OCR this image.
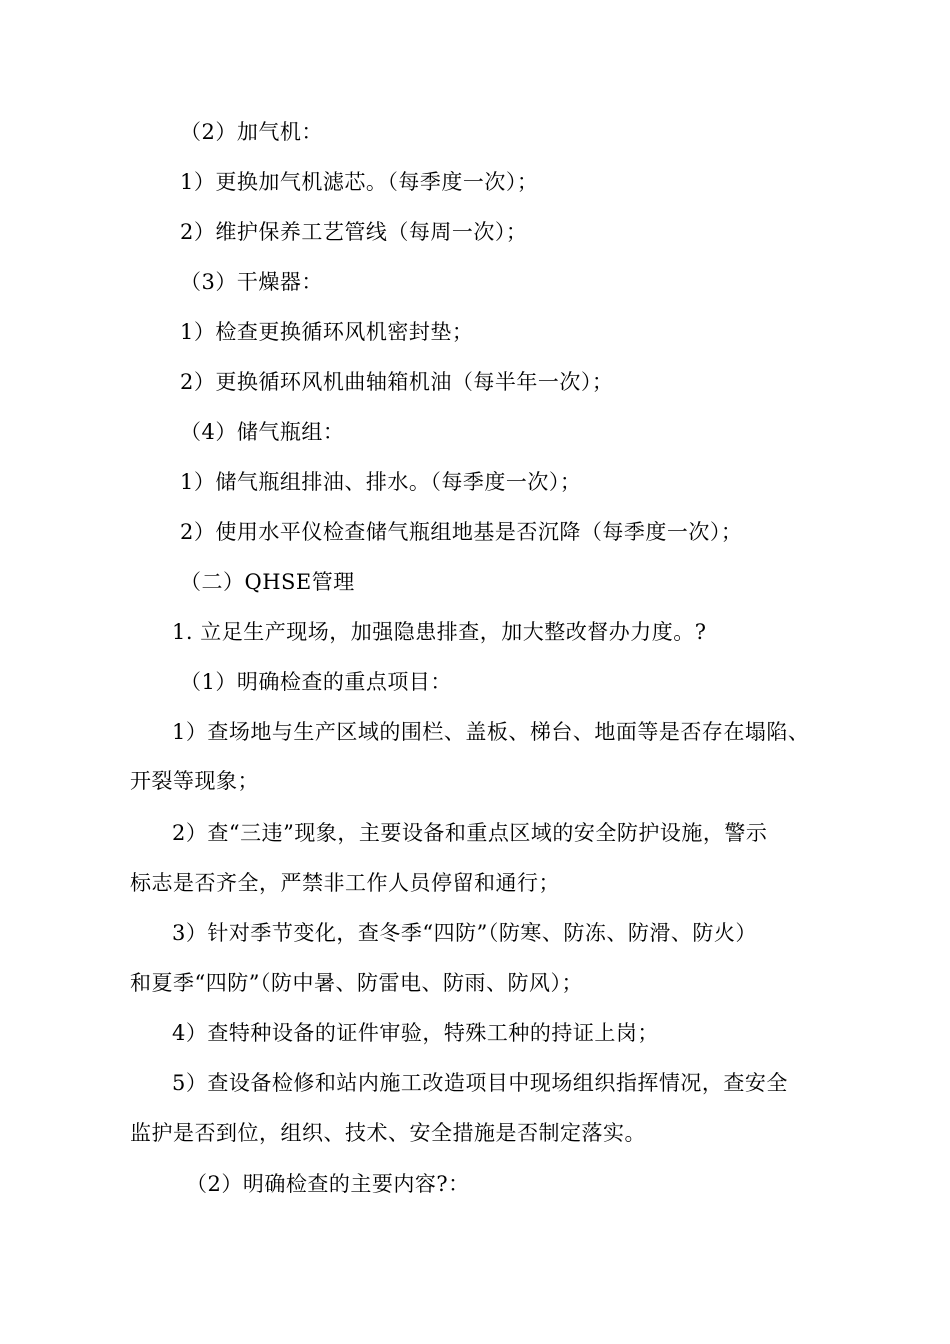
（2）加气机：
1）更换加气机滤芯。（每季度一次）；
2）维护保养工艺管线（每周一次）；
（3）干燥器：
1）检查更换循环风机密封垫；
2）更换循环风机曲轴箱机油（每半年一次）；
（4）储气瓶组：
1）储气瓶组排油、排水。（每季度一次）；
2）使用水平仪检查储气瓶组地基是否沉降（每季度一次）；
（二）QHSE管理
1. 立足生产现场，加强隐患排查，加大整改督办力度。?
（1）明确检查的重点项目：
1）查场地与生产区域的围栏、盖板、梯台、地面等是否存在塌陷、
开裂等现象；
2）查“三违”现象，主要设备和重点区域的安全防护设施，警示
标志是否齐全，严禁非工作人员停留和通行；
3）针对季节变化，查冬季“四防”（防寒、防冻、防滑、防火）
和夏季“四防”（防中暑、防雷电、防雨、防风）；
4）查特种设备的证件审验，特殊工种的持证上岗；
5）查设备检修和站内施工改造项目中现场组织指挥情况，查安全
监护是否到位，组织、技术、安全措施是否制定落实。
（2）明确检查的主要内容?：
